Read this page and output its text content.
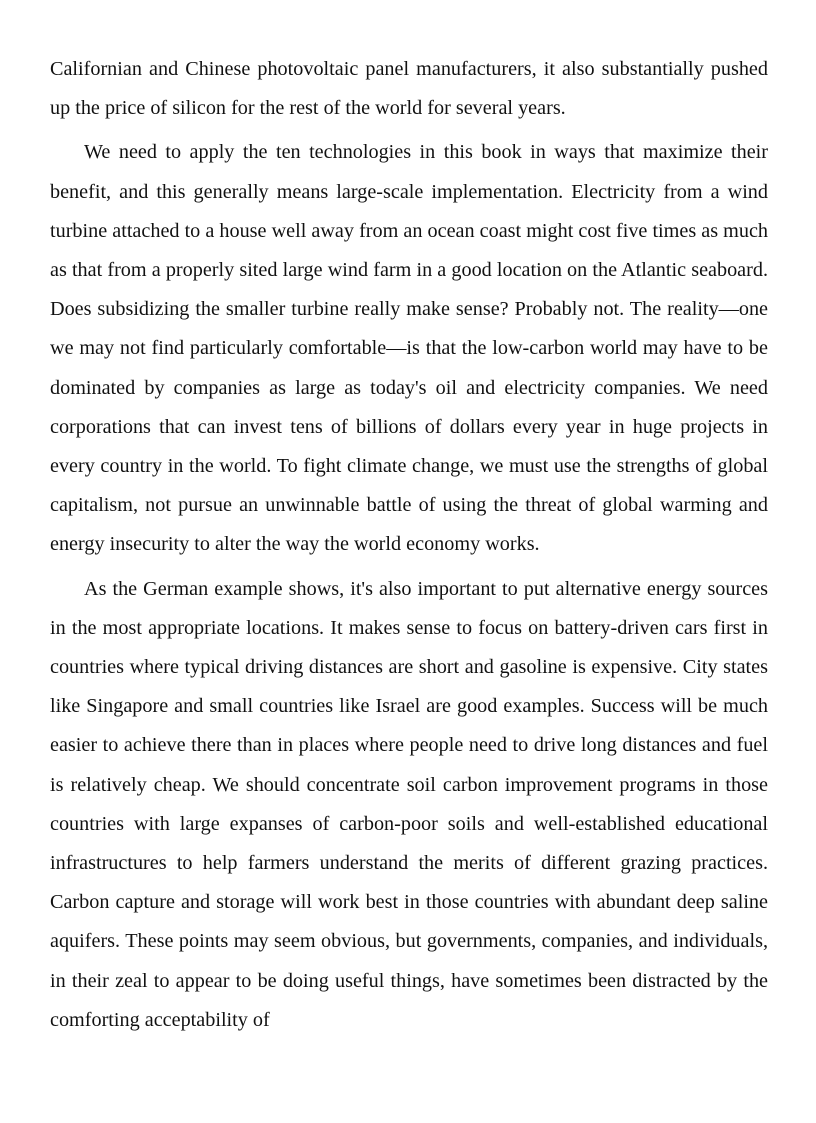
Californian and Chinese photovoltaic panel manufacturers, it also substantially pushed up the price of silicon for the rest of the world for several years.

We need to apply the ten technologies in this book in ways that maximize their benefit, and this generally means large-scale implementation. Electricity from a wind turbine attached to a house well away from an ocean coast might cost five times as much as that from a properly sited large wind farm in a good location on the Atlantic seaboard. Does subsidizing the smaller turbine really make sense? Probably not. The reality—one we may not find particularly comfortable—is that the low-carbon world may have to be dominated by companies as large as today's oil and electricity companies. We need corporations that can invest tens of billions of dollars every year in huge projects in every country in the world. To fight climate change, we must use the strengths of global capitalism, not pursue an unwinnable battle of using the threat of global warming and energy insecurity to alter the way the world economy works.

As the German example shows, it's also important to put alternative energy sources in the most appropriate locations. It makes sense to focus on battery-driven cars first in countries where typical driving distances are short and gasoline is expensive. City states like Singapore and small countries like Israel are good examples. Success will be much easier to achieve there than in places where people need to drive long distances and fuel is relatively cheap. We should concentrate soil carbon improvement programs in those countries with large expanses of carbon-poor soils and well-established educational infrastructures to help farmers understand the merits of different grazing practices. Carbon capture and storage will work best in those countries with abundant deep saline aquifers. These points may seem obvious, but governments, companies, and individuals, in their zeal to appear to be doing useful things, have sometimes been distracted by the comforting acceptability of
